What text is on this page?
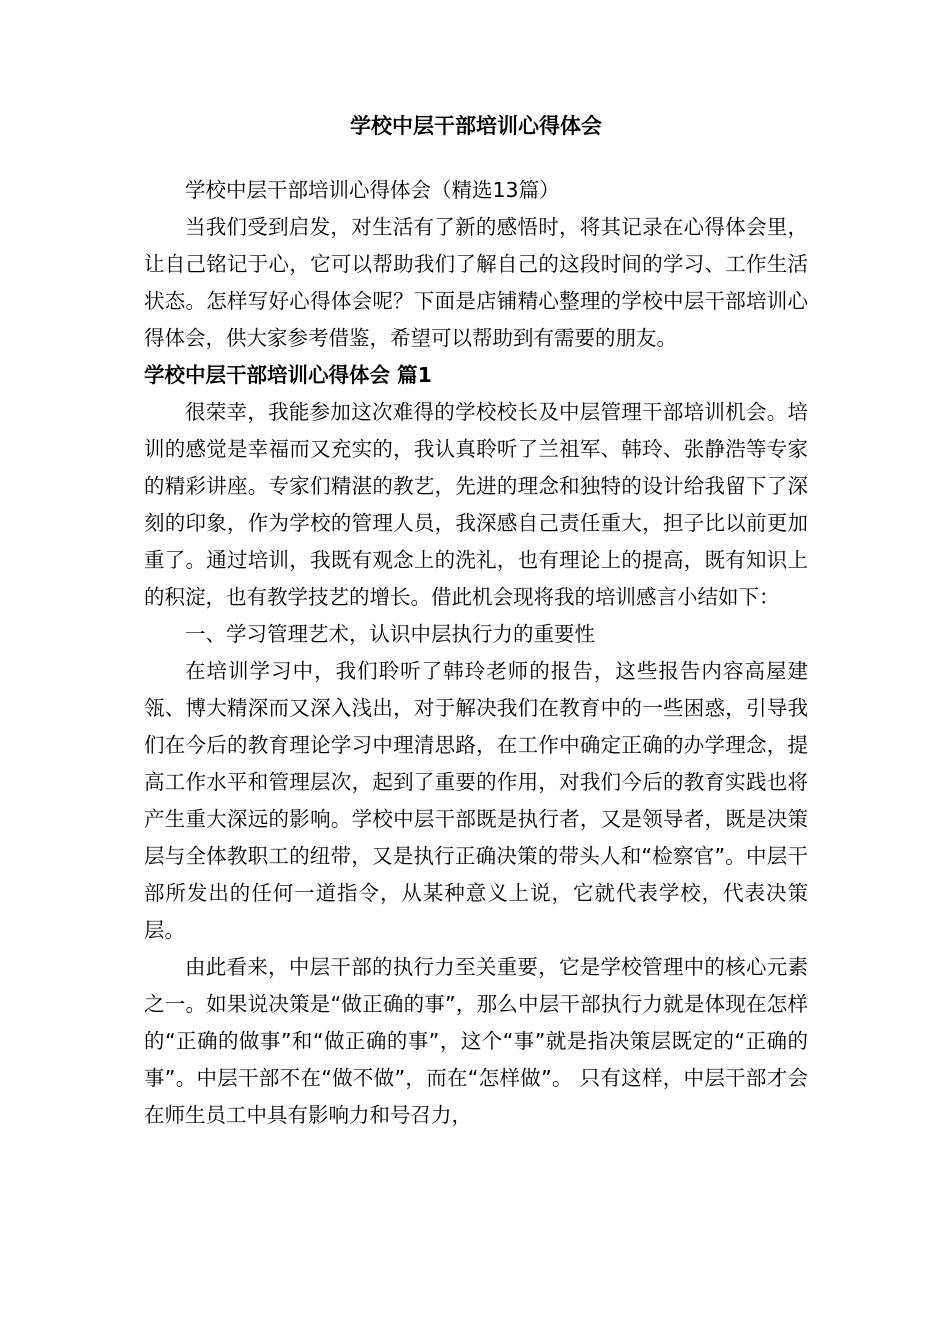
学校中层干部培训心得体会

学校中层干部培训心得体会（精选13篇）

当我们受到启发，对生活有了新的感悟时，将其记录在心得体会里，让自己铭记于心，它可以帮助我们了解自己的这段时间的学习、工作生活状态。怎样写好心得体会呢？下面是店铺精心整理的学校中层干部培训心得体会，供大家参考借鉴，希望可以帮助到有需要的朋友。

学校中层干部培训心得体会 篇1

很荣幸，我能参加这次难得的学校校长及中层管理干部培训机会。培训的感觉是幸福而又充实的，我认真聆听了兰祖军、韩玲、张静浩等专家的精彩讲座。专家们精湛的教艺，先进的理念和独特的设计给我留下了深刻的印象，作为学校的管理人员，我深感自己责任重大，担子比以前更加重了。通过培训，我既有观念上的洗礼，也有理论上的提高，既有知识上的积淀，也有教学技艺的增长。借此机会现将我的培训感言小结如下：

一、学习管理艺术，认识中层执行力的重要性

在培训学习中，我们聆听了韩玲老师的报告，这些报告内容高屋建瓴、博大精深而又深入浅出，对于解决我们在教育中的一些困惑，引导我们在今后的教育理论学习中理清思路，在工作中确定正确的办学理念，提高工作水平和管理层次，起到了重要的作用，对我们今后的教育实践也将产生重大深远的影响。学校中层干部既是执行者，又是领导者，既是决策层与全体教职工的纽带，又是执行正确决策的带头人和“检察官”。中层干部所发出的任何一道指令，从某种意义上说，它就代表学校，代表决策层。

由此看来，中层干部的执行力至关重要，它是学校管理中的核心元素之一。如果说决策是“做正确的事”，那么中层干部执行力就是体现在怎样的“正确的做事”和“做正确的事”，这个“事”就是指决策层既定的“正确的事”。中层干部不在“做不做”，而在“怎样做”。 只有这样，中层干部才会在师生员工中具有影响力和号召力，
